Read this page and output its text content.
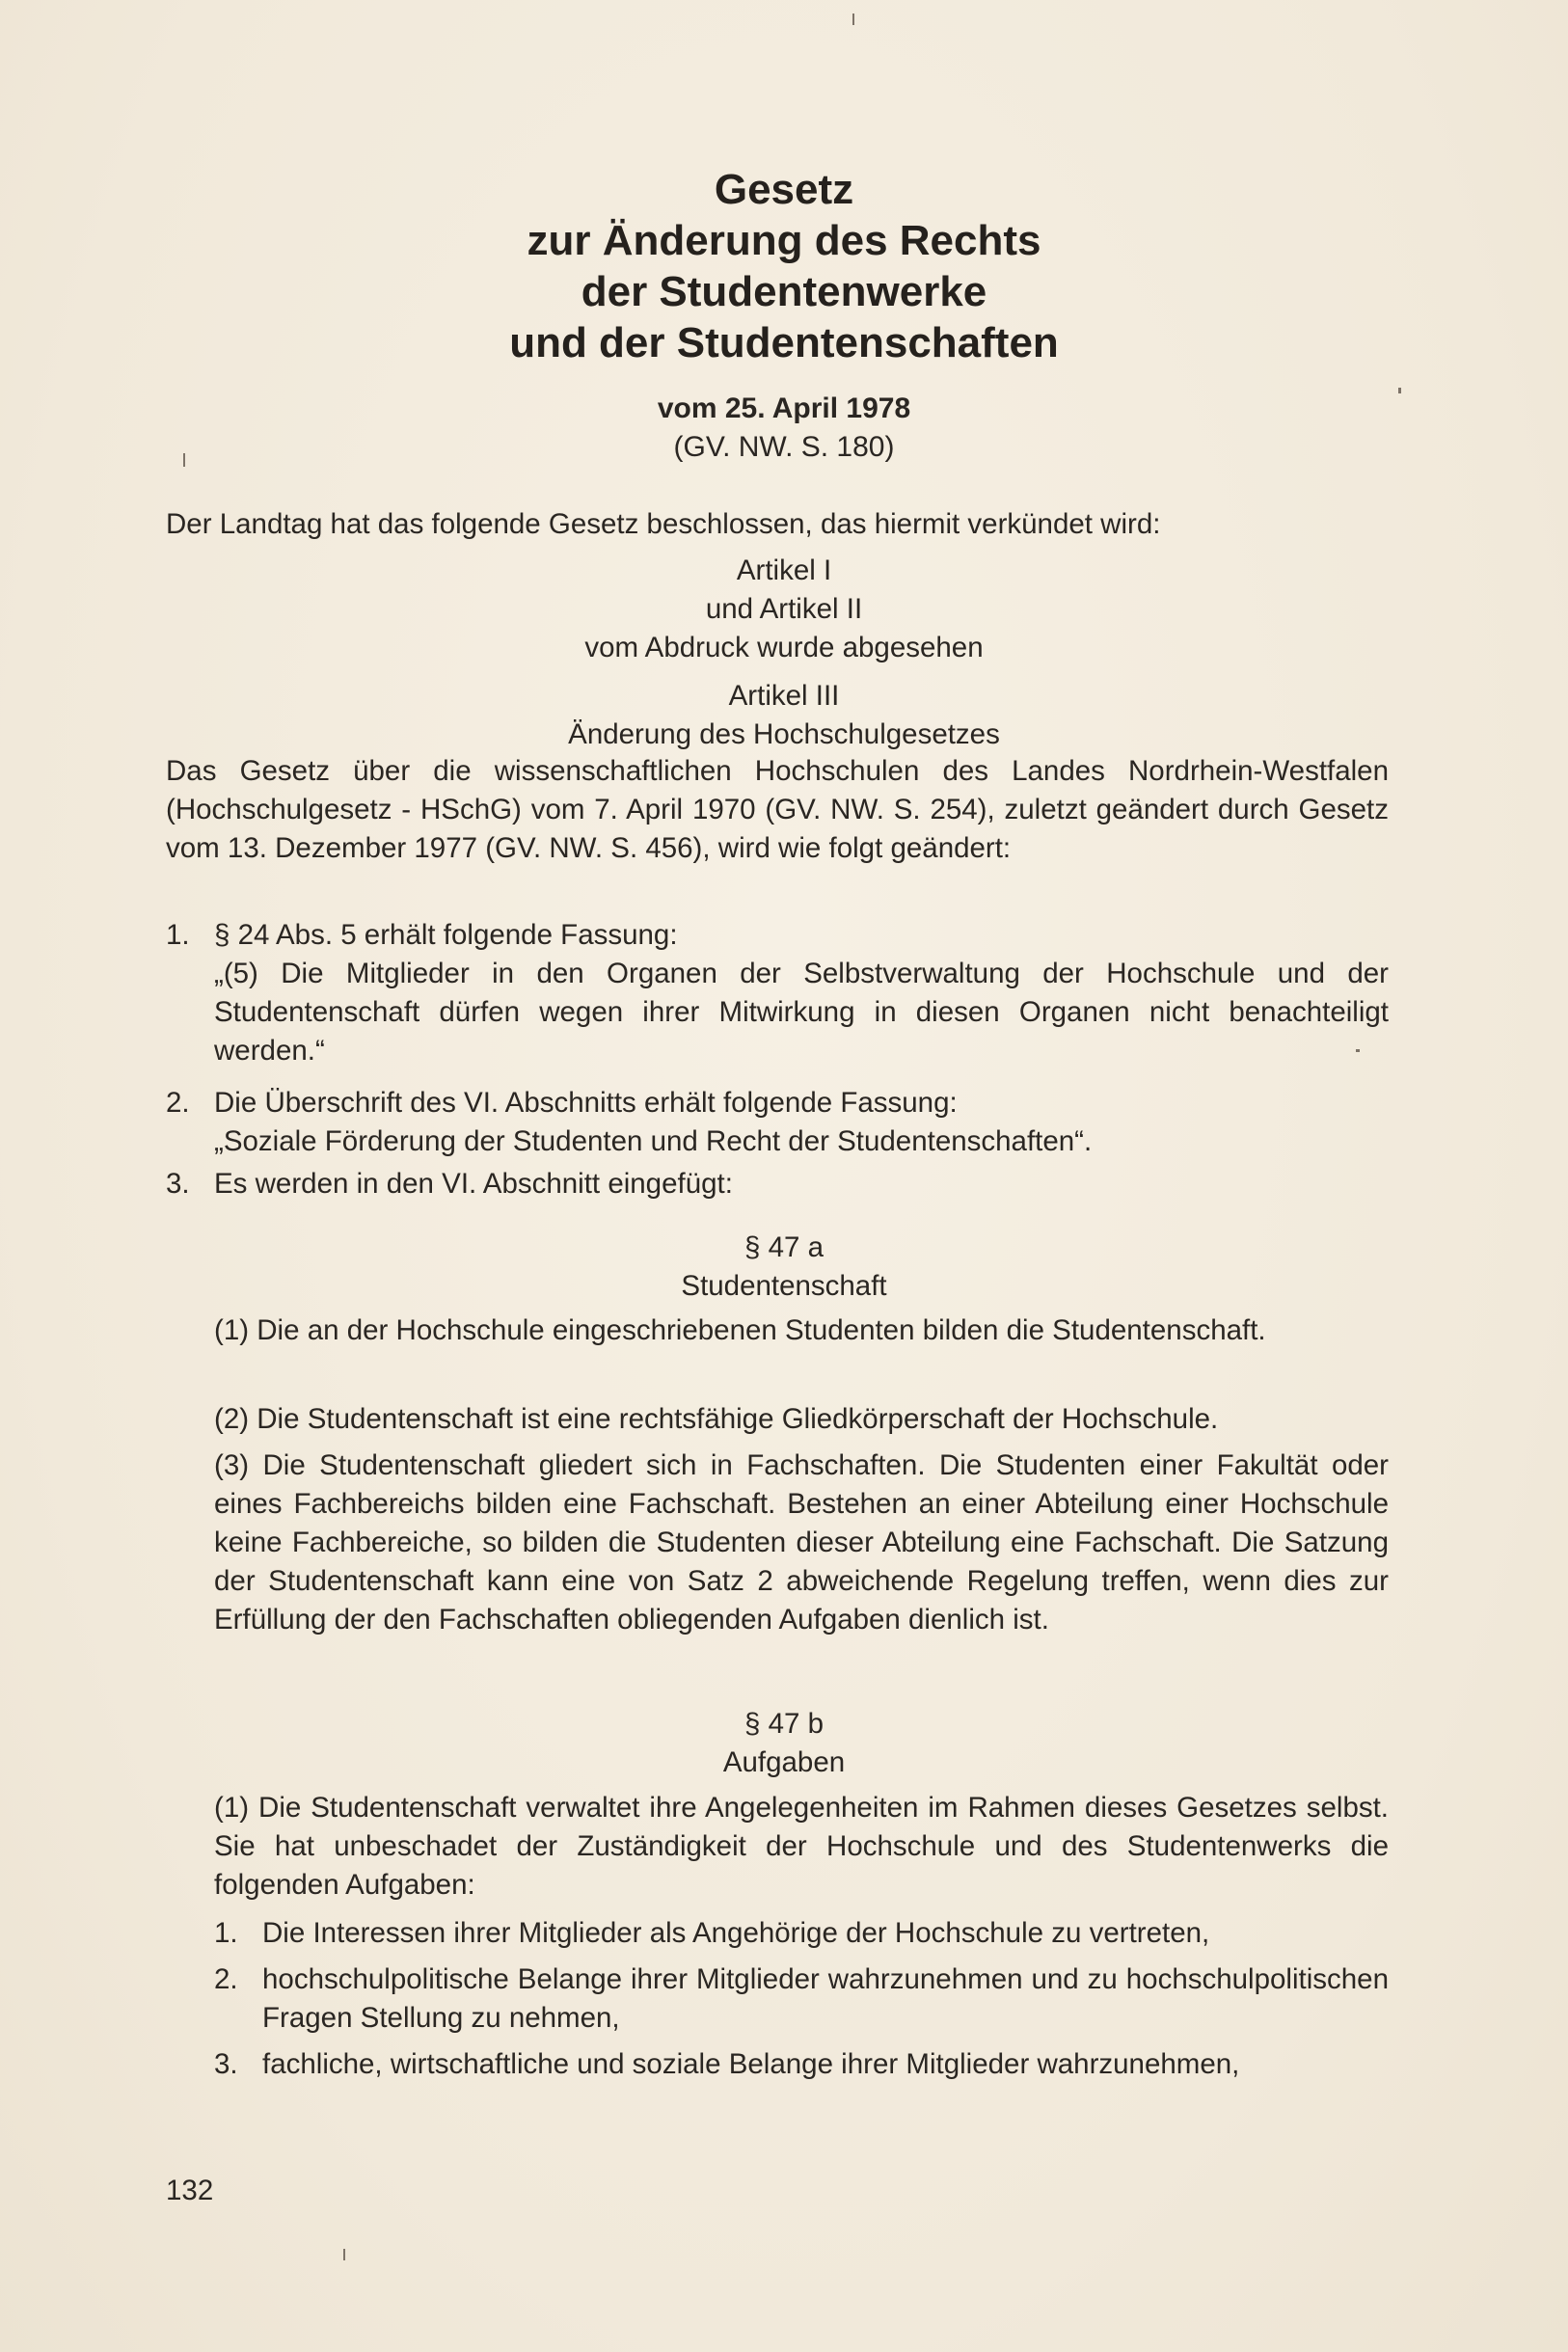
Gesetz
zur Änderung des Rechts
der Studentenwerke
und der Studentenschaften
vom 25. April 1978
(GV. NW. S. 180)
Der Landtag hat das folgende Gesetz beschlossen, das hiermit verkündet wird:
Artikel I
und Artikel II
vom Abdruck wurde abgesehen
Artikel III
Änderung des Hochschulgesetzes
Das Gesetz über die wissenschaftlichen Hochschulen des Landes Nordrhein-Westfalen (Hochschulgesetz - HSchG) vom 7. April 1970 (GV. NW. S. 254), zuletzt geändert durch Gesetz vom 13. Dezember 1977 (GV. NW. S. 456), wird wie folgt geändert:
1. § 24 Abs. 5 erhält folgende Fassung:
„(5) Die Mitglieder in den Organen der Selbstverwaltung der Hochschule und der Studentenschaft dürfen wegen ihrer Mitwirkung in diesen Organen nicht benachteiligt werden.“
2. Die Überschrift des VI. Abschnitts erhält folgende Fassung:
„Soziale Förderung der Studenten und Recht der Studentenschaften“.
3. Es werden in den VI. Abschnitt eingefügt:
§ 47 a
Studentenschaft
(1) Die an der Hochschule eingeschriebenen Studenten bilden die Studentenschaft.
(2) Die Studentenschaft ist eine rechtsfähige Gliedkörperschaft der Hochschule.
(3) Die Studentenschaft gliedert sich in Fachschaften. Die Studenten einer Fakultät oder eines Fachbereichs bilden eine Fachschaft. Bestehen an einer Abteilung einer Hochschule keine Fachbereiche, so bilden die Studenten dieser Abteilung eine Fachschaft. Die Satzung der Studentenschaft kann eine von Satz 2 abweichende Regelung treffen, wenn dies zur Erfüllung der den Fachschaften obliegenden Aufgaben dienlich ist.
§ 47 b
Aufgaben
(1) Die Studentenschaft verwaltet ihre Angelegenheiten im Rahmen dieses Gesetzes selbst. Sie hat unbeschadet der Zuständigkeit der Hochschule und des Studentenwerks die folgenden Aufgaben:
1. Die Interessen ihrer Mitglieder als Angehörige der Hochschule zu vertreten,
2. hochschulpolitische Belange ihrer Mitglieder wahrzunehmen und zu hochschulpolitischen Fragen Stellung zu nehmen,
3. fachliche, wirtschaftliche und soziale Belange ihrer Mitglieder wahrzunehmen,
132
